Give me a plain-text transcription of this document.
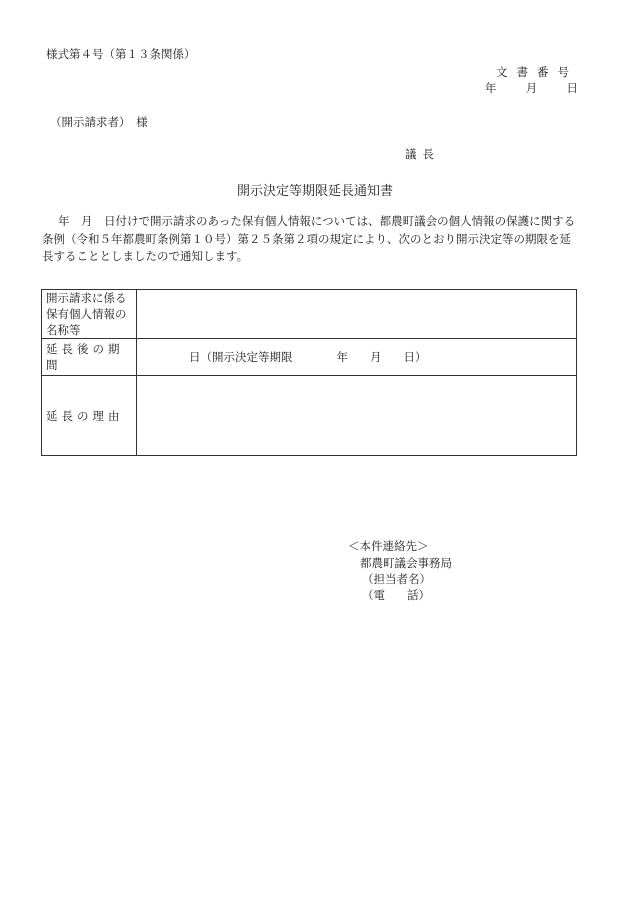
様式第４号（第１３条関係）
文書番号
年	月	日
（開示請求者）　様
議長
開示決定等期限延長通知書
年　月　日付けで開示請求のあった保有個人情報については、都農町議会の個人情報の保護に関する条例（令和５年都農町条例第１０号）第２５条第２項の規定により、次のとおり開示決定等の期限を延長することとしましたので通知します。
開示請求に係る保有個人情報の名称等	
延長後の期間	日（開示決定等期限 年 月 日）
延長の理由	
＜本件連絡先＞
都農町議会事務局
（担当者名）
（電 話）
